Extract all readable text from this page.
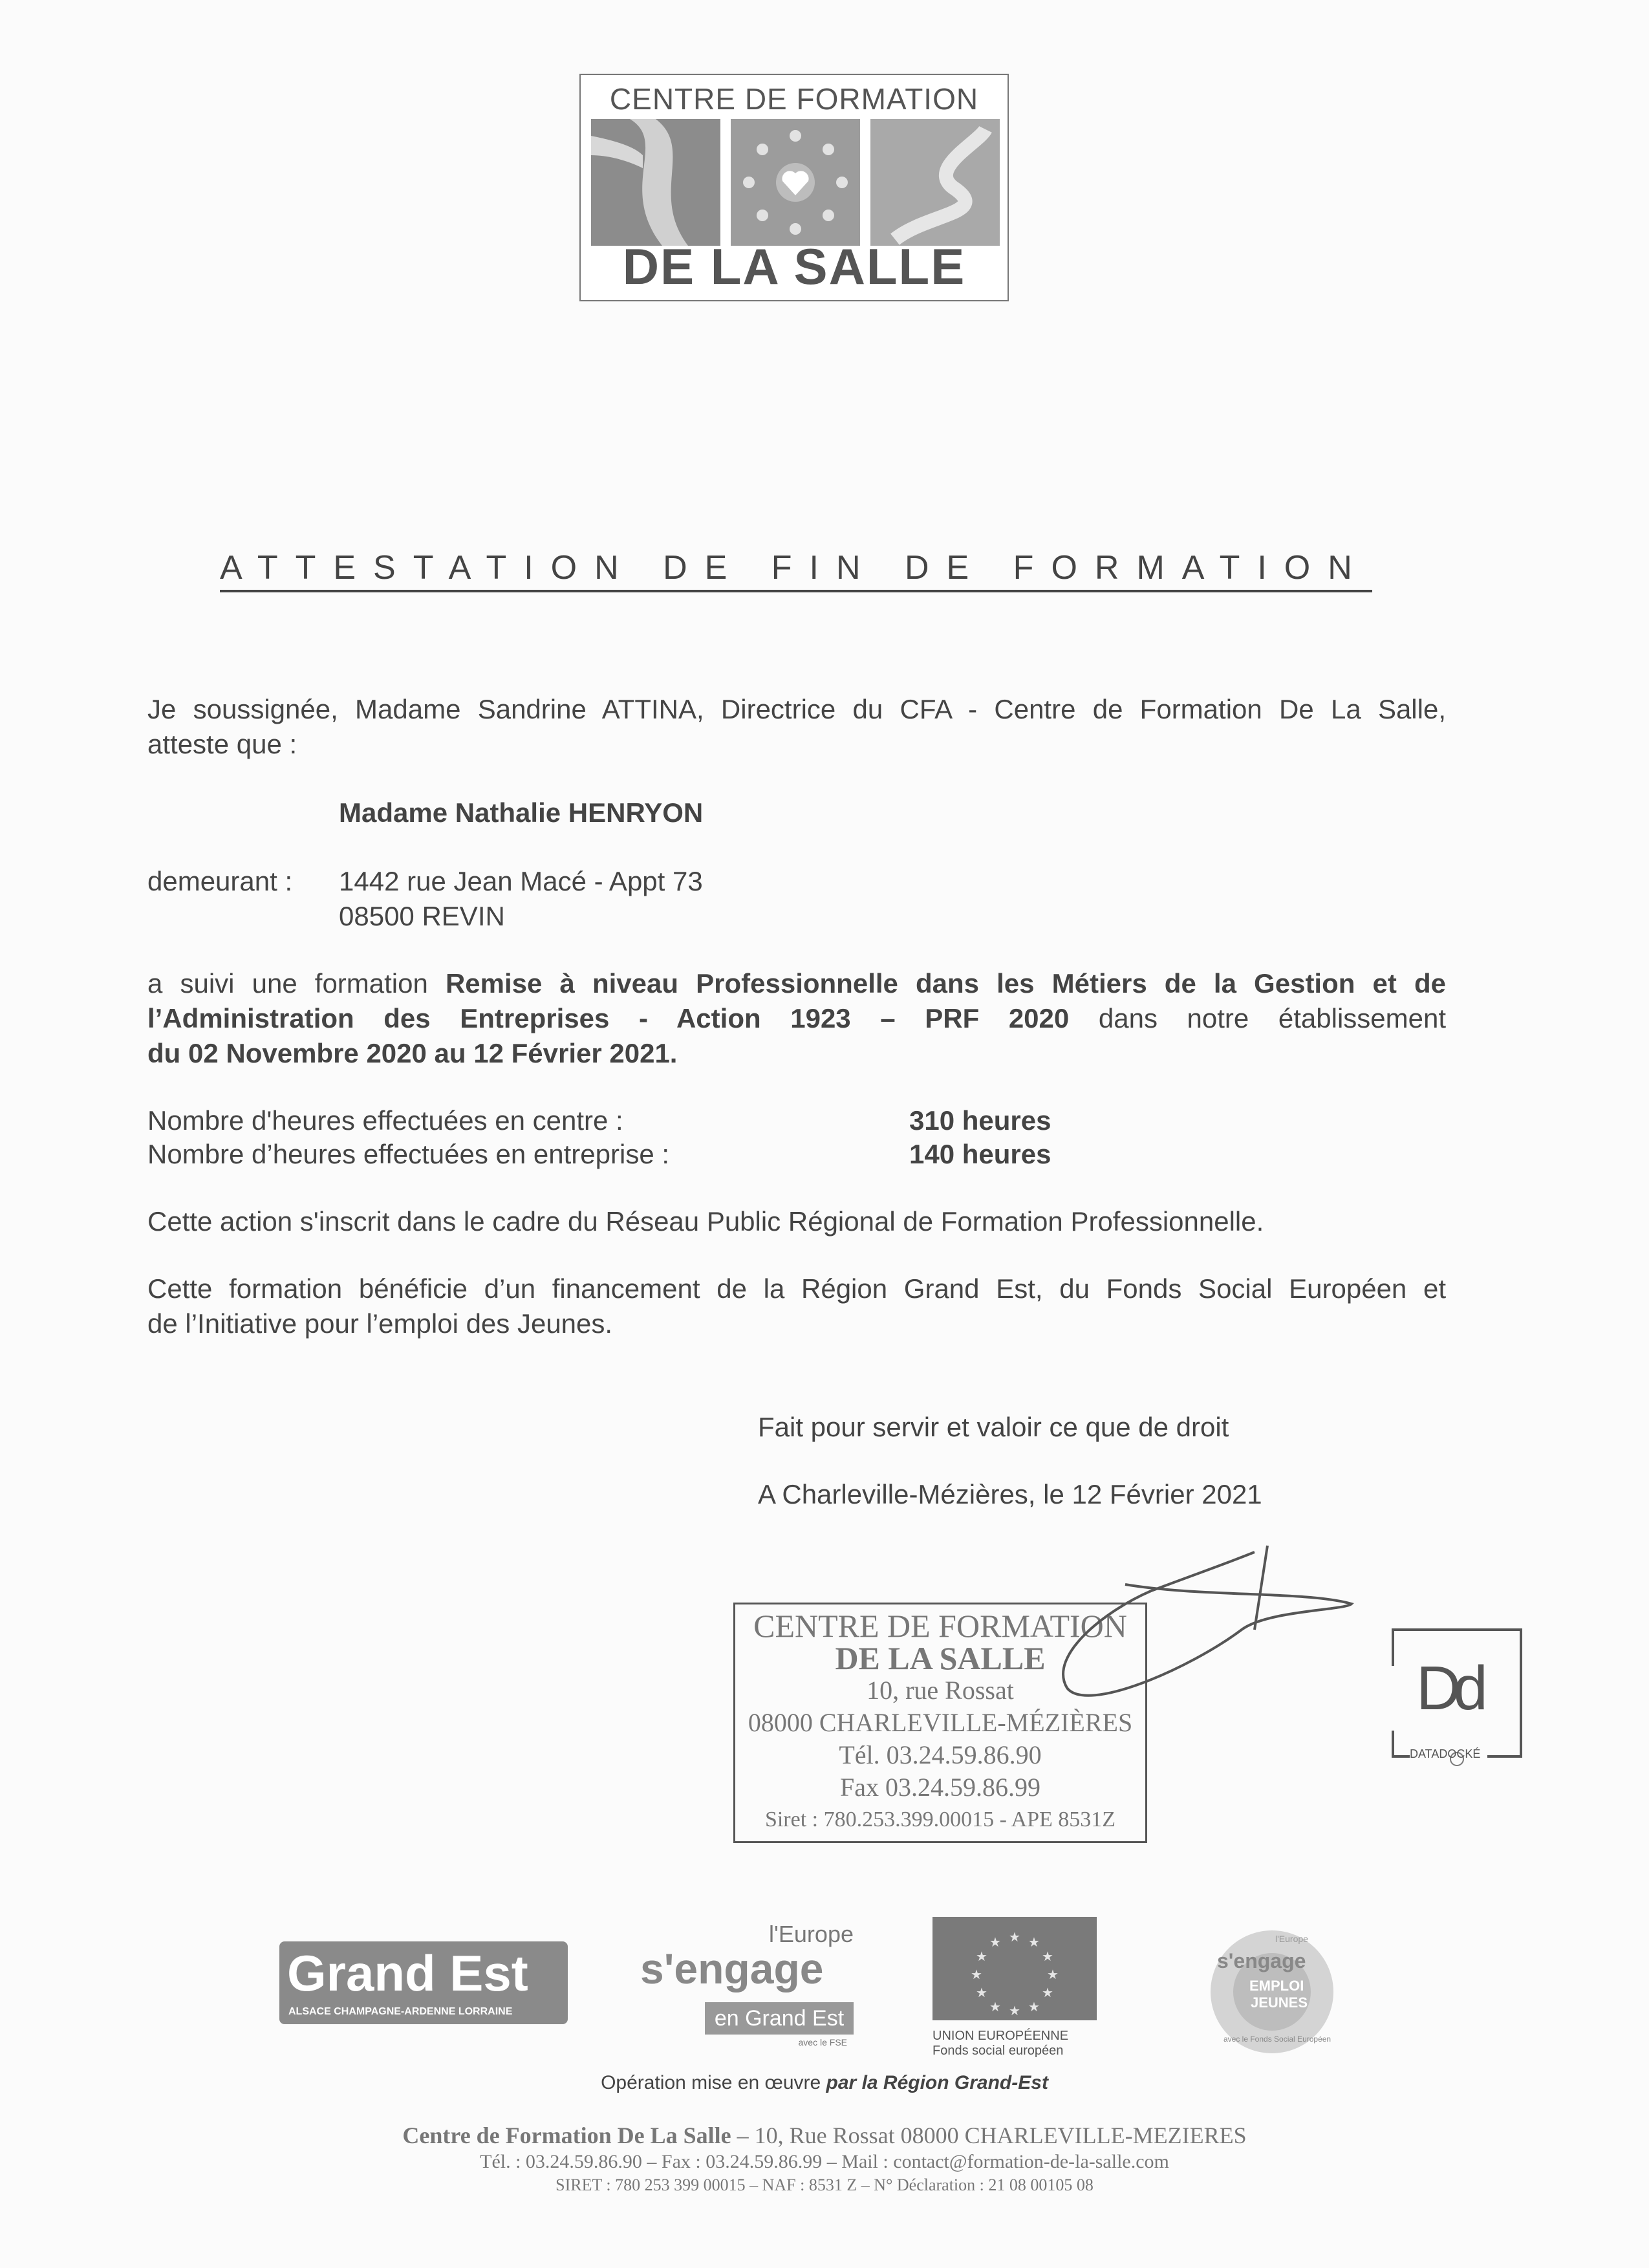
CENTRE DE FORMATION
DE LA SALLE
ATTESTATION DE FIN DE FORMATION
Je soussignée, Madame Sandrine ATTINA, Directrice du CFA - Centre de Formation De La Salle,
atteste que :
Madame Nathalie HENRYON
demeurant : 1442 rue Jean Macé - Appt 73
08500 REVIN
a suivi une formation Remise à niveau Professionnelle dans les Métiers de la Gestion et de
l’Administration des Entreprises - Action 1923 – PRF 2020 dans notre établissement
du 02 Novembre 2020 au 12 Février 2021.
Nombre d'heures effectuées en centre :	310 heures
Nombre d’heures effectuées en entreprise :	140 heures
Cette action s'inscrit dans le cadre du Réseau Public Régional de Formation Professionnelle.
Cette formation bénéficie d’un financement de la Région Grand Est, du Fonds Social Européen et
de l’Initiative pour l’emploi des Jeunes.
Fait pour servir et valoir ce que de droit
A Charleville-Mézières, le 12 Février 2021
CENTRE DE FORMATION
DE LA SALLE
10, rue Rossat
08000 CHARLEVILLE-MÉZIÈRES
Tél. 03.24.59.86.90
Fax 03.24.59.86.99
Siret : 780.253.399.00015 - APE 8531Z
Dd
DATADOCKÉ
Grand Est
ALSACE CHAMPAGNE-ARDENNE LORRAINE
l'Europe
s'engage
en Grand Est
avec le FSE
★ ★
★
★
★
★
★
★
★
★
★
★
UNION EUROPÉENNE
Fonds social européen
l'Europe
s'engage
EMPLOI
JEUNES
avec le Fonds Social Européen
Opération mise en œuvre par la Région Grand-Est
Centre de Formation De La Salle – 10, Rue Rossat 08000 CHARLEVILLE-MEZIERES
Tél. : 03.24.59.86.90 – Fax : 03.24.59.86.99 – Mail : contact@formation-de-la-salle.com
SIRET : 780 253 399 00015 – NAF : 8531 Z – N° Déclaration : 21 08 00105 08
